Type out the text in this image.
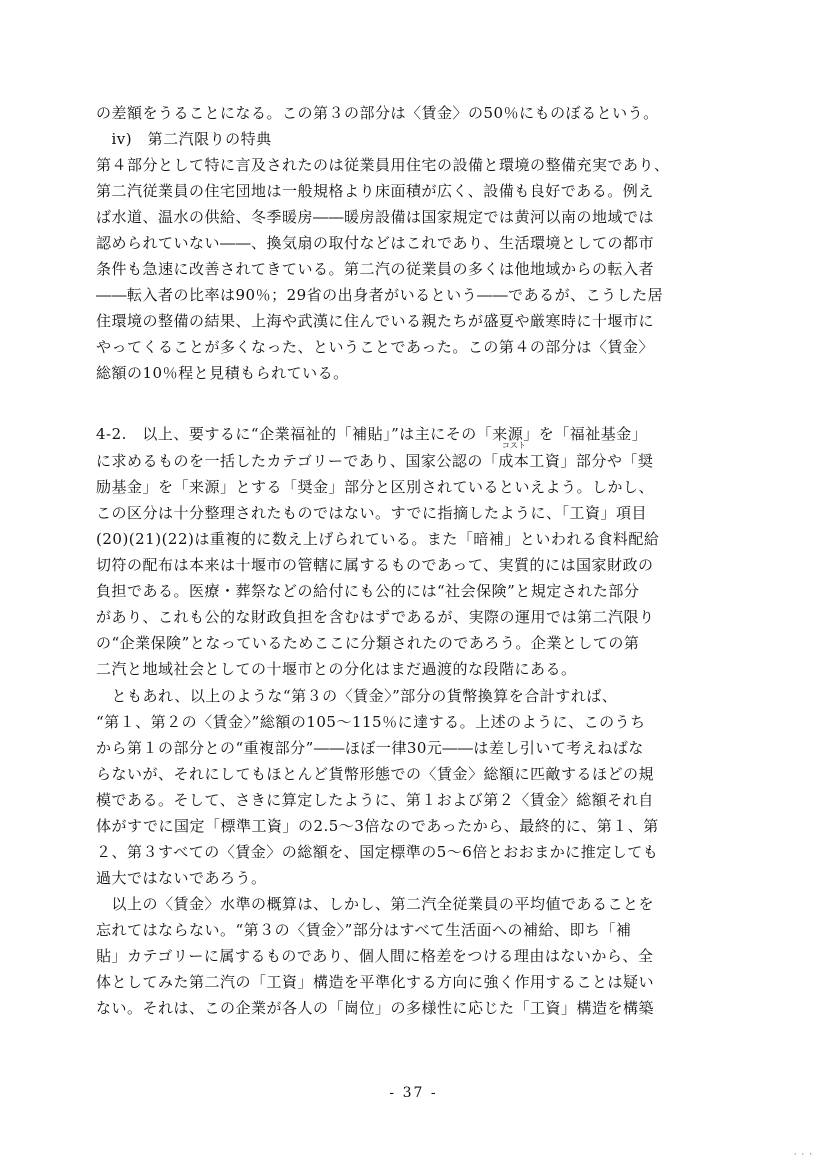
の差額をうることになる。この第３の部分は〈賃金〉の50％にものぼるという。
　iv)　第二汽限りの特典
第４部分として特に言及されたのは従業員用住宅の設備と環境の整備充実であり、
第二汽従業員の住宅団地は一般規格より床面積が広く、設備も良好である。例え
ば水道、温水の供給、冬季暖房――暖房設備は国家規定では黄河以南の地域では
認められていない――、換気扇の取付などはこれであり、生活環境としての都市
条件も急速に改善されてきている。第二汽の従業員の多くは他地域からの転入者
――転入者の比率は90％；29省の出身者がいるという――であるが、こうした居
住環境の整備の結果、上海や武漢に住んでいる親たちが盛夏や厳寒時に十堰市に
やってくることが多くなった、ということであった。この第４の部分は〈賃金〉
総額の10％程と見積もられている。
4-2.　以上、要するに“企業福祉的「補貼」”は主にその「来源」を「福祉基金」
に求めるものを一括したカテゴリーであり、国家公認の「
コスト
成本工資」部分や「奨
励基金」を「来源」とする「奨金」部分と区別されているといえよう。しかし、
この区分は十分整理されたものではない。すでに指摘したように、「工資」項目
(20)(21)(22)は重複的に数え上げられている。また「暗補」といわれる食料配給
切符の配布は本来は十堰市の管轄に属するものであって、実質的には国家財政の
負担である。医療・葬祭などの給付にも公的には“社会保険”と規定された部分
があり、これも公的な財政負担を含むはずであるが、実際の運用では第二汽限り
の“企業保険”となっているためここに分類されたのであろう。企業としての第
二汽と地域社会としての十堰市との分化はまだ過渡的な段階にある。
　ともあれ、以上のような“第３の〈賃金〉”部分の貨幣換算を合計すれば、
“第１、第２の〈賃金〉”総額の105～115％に達する。上述のように、このうち
から第１の部分との“重複部分”――ほぼ一律30元――は差し引いて考えねばな
らないが、それにしてもほとんど貨幣形態での〈賃金〉総額に匹敵するほどの規
模である。そして、さきに算定したように、第１および第２〈賃金〉総額それ自
体がすでに国定「標準工資」の2.5～3倍なのであったから、最終的に、第１、第
２、第３すべての〈賃金〉の総額を、国定標準の5～6倍とおおまかに推定しても
過大ではないであろう。
　以上の〈賃金〉水準の概算は、しかし、第二汽全従業員の平均値であることを
忘れてはならない。“第３の〈賃金〉”部分はすべて生活面への補給、即ち「補
貼」カテゴリーに属するものであり、個人間に格差をつける理由はないから、全
体としてみた第二汽の「工資」構造を平準化する方向に強く作用することは疑い
ない。それは、この企業が各人の「崗位」の多様性に応じた「工資」構造を構築
- 37 -
· · ·
